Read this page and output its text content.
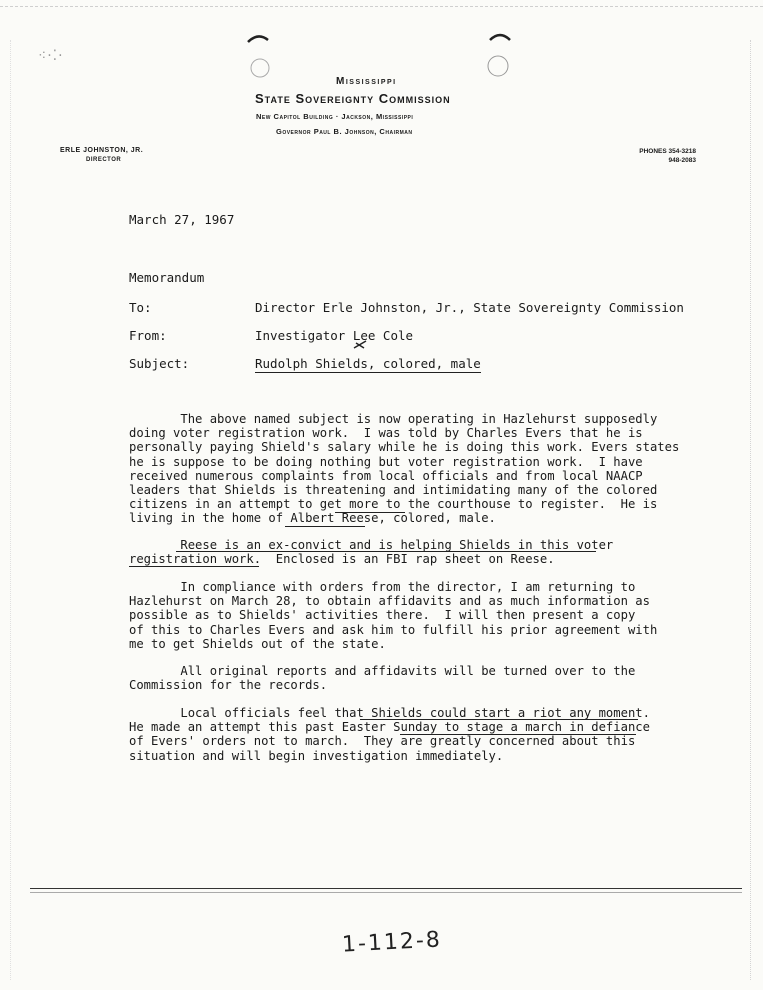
⁖·⁚·
Mississippi
State Sovereignty Commission
New Capitol Building · Jackson, Mississippi
Governor Paul B. Johnson, Chairman
ERLE JOHNSTON, JR.
DIRECTOR
PHONES 354-3218
948-2083
March 27, 1967
Memorandum
To:	Director Erle Johnston, Jr., State Sovereignty Commission
From:	Investigator Lee Cole
Subject:	Rudolph Shields, colored, male
The above named subject is now operating in Hazlehurst supposedly
doing voter registration work.  I was told by Charles Evers that he is
personally paying Shield's salary while he is doing this work. Evers states
he is suppose to be doing nothing but voter registration work.  I have
received numerous complaints from local officials and from local NAACP
leaders that Shields is threatening and intimidating many of the colored
citizens in an attempt to get more to the courthouse to register.  He is
living in the home of Albert Reese, colored, male.
Reese is an ex-convict and is helping Shields in this voter
registration work.  Enclosed is an FBI rap sheet on Reese.
In compliance with orders from the director, I am returning to
Hazlehurst on March 28, to obtain affidavits and as much information as
possible as to Shields' activities there.  I will then present a copy
of this to Charles Evers and ask him to fulfill his prior agreement with
me to get Shields out of the state.
All original reports and affidavits will be turned over to the
Commission for the records.
Local officials feel that Shields could start a riot any moment.
He made an attempt this past Easter Sunday to stage a march in defiance
of Evers' orders not to march.  They are greatly concerned about this
situation and will begin investigation immediately.
1-112-8
